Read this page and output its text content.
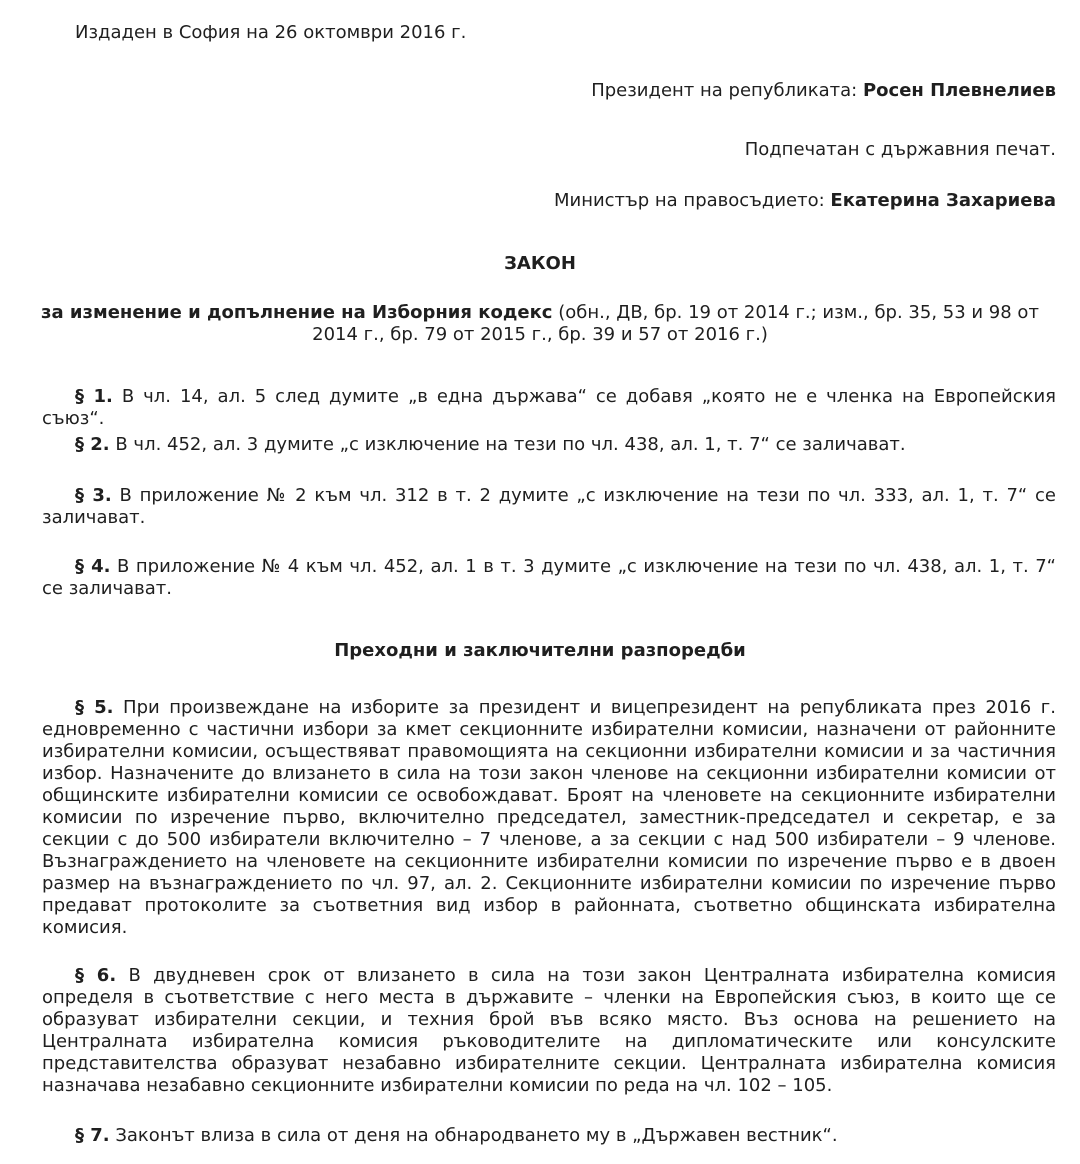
Издаден в София на 26 октомври 2016 г.

Президент на републиката: Росен Плевнелиев

Подпечатан с държавния печат.

Министър на правосъдието: Екатерина Захариева

ЗАКОН

за изменение и допълнение на Изборния кодекс (обн., ДВ, бр. 19 от 2014 г.; изм., бр. 35, 53 и 98 от 2014 г., бр. 79 от 2015 г., бр. 39 и 57 от 2016 г.)

§ 1. В чл. 14, ал. 5 след думите „в една държава“ се добавя „която не е членка на Европейския съюз“.

§ 2. В чл. 452, ал. 3 думите „с изключение на тези по чл. 438, ал. 1, т. 7“ се заличават.

§ 3. В приложение № 2 към чл. 312 в т. 2 думите „с изключение на тези по чл. 333, ал. 1, т. 7“ се заличават.

§ 4. В приложение № 4 към чл. 452, ал. 1 в т. 3 думите „с изключение на тези по чл. 438, ал. 1, т. 7“ се заличават.

Преходни и заключителни разпоредби

§ 5. При произвеждане на изборите за президент и вицепрезидент на републиката през 2016 г. едновременно с частични избори за кмет секционните избирателни комисии, назначени от районните избирателни комисии, осъществяват правомощията на секционни избирателни комисии и за частичния избор. Назначените до влизането в сила на този закон членове на секционни избирателни комисии от общинските избирателни комисии се освобождават. Броят на членовете на секционните избирателни комисии по изречение първо, включително председател, заместник-председател и секретар, е за секции с до 500 избиратели включително – 7 членове, а за секции с над 500 избиратели – 9 членове. Възнаграждението на членовете на секционните избирателни комисии по изречение първо е в двоен размер на възнаграждението по чл. 97, ал. 2. Секционните избирателни комисии по изречение първо предават протоколите за съответния вид избор в районната, съответно общинската избирателна комисия.

§ 6. В двудневен срок от влизането в сила на този закон Централната избирателна комисия определя в съответствие с него места в държавите – членки на Европейския съюз, в които ще се образуват избирателни секции, и техния брой във всяко място. Въз основа на решението на Централната избирателна комисия ръководителите на дипломатическите или консулските представителства образуват незабавно избирателните секции. Централната избирателна комисия назначава незабавно секционните избирателни комисии по реда на чл. 102 – 105.

§ 7. Законът влиза в сила от деня на обнародването му в „Държавен вестник“.
